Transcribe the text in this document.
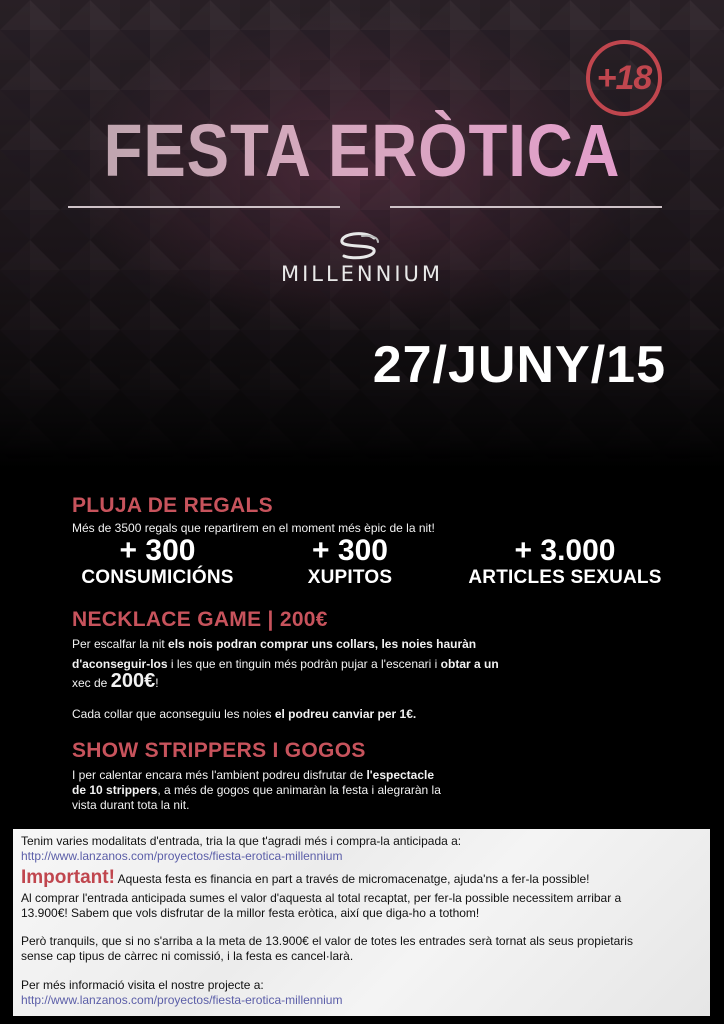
+18
FESTA ERÒTICA
MILLENNIUM
27/JUNY/15
PLUJA DE REGALS
Més de 3500 regals que repartirem en el moment més èpic de la nit!
+ 300
CONSUMICIÓNS
+ 300
XUPITOS
+ 3.000
ARTICLES SEXUALS
NECKLACE GAME | 200€
Per escalfar la nit els nois podran comprar uns collars, les noies hauràn
d'aconseguir-los i les que en tinguin més podràn pujar a l'escenari i obtar a un
xec de 200€!
Cada collar que aconseguiu les noies el podreu canviar per 1€.
SHOW STRIPPERS I GOGOS
I per calentar encara més l'ambient podreu disfrutar de l'espectacle
de 10 strippers, a més de gogos que animaràn la festa i alegraràn la
vista durant tota la nit.
Tenim varies modalitats d'entrada, tria la que t'agradi més i compra-la anticipada a:
http://www.lanzanos.com/proyectos/fiesta-erotica-millennium
Important! Aquesta festa es financia en part a través de micromacenatge, ajuda'ns a fer-la possible!
Al comprar l'entrada anticipada sumes el valor d'aquesta al total recaptat, per fer-la possible necessitem arribar a
13.900€! Sabem que vols disfrutar de la millor festa eròtica, així que diga-ho a tothom!
Però tranquils, que si no s'arriba a la meta de 13.900€ el valor de totes les entrades serà tornat als seus propietaris
sense cap tipus de càrrec ni comissió, i la festa es cancel·larà.
Per més informació visita el nostre projecte a:
http://www.lanzanos.com/proyectos/fiesta-erotica-millennium
